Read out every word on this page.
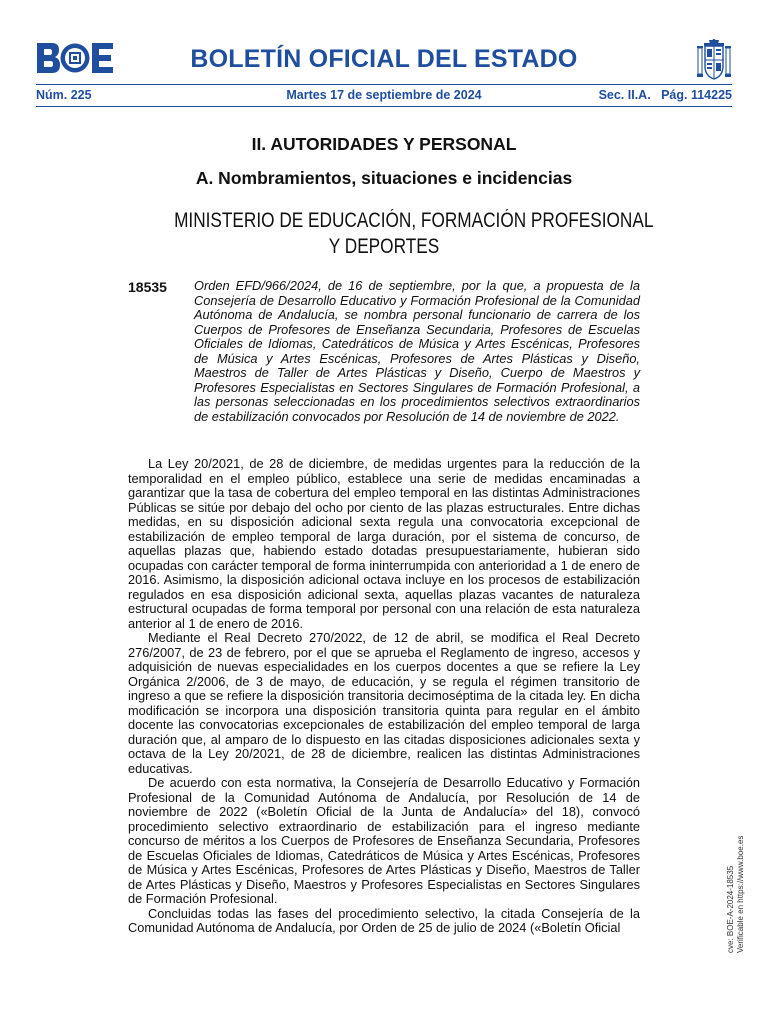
BOLETÍN OFICIAL DEL ESTADO
Núm. 225	Martes 17 de septiembre de 2024	Sec. II.A. Pág. 114225
II. AUTORIDADES Y PERSONAL
A. Nombramientos, situaciones e incidencias
MINISTERIO DE EDUCACIÓN, FORMACIÓN PROFESIONAL
Y DEPORTES
18535 Orden EFD/966/2024, de 16 de septiembre, por la que, a propuesta de la Consejería de Desarrollo Educativo y Formación Profesional de la Comunidad Autónoma de Andalucía, se nombra personal funcionario de carrera de los Cuerpos de Profesores de Enseñanza Secundaria, Profesores de Escuelas Oficiales de Idiomas, Catedráticos de Música y Artes Escénicas, Profesores de Música y Artes Escénicas, Profesores de Artes Plásticas y Diseño, Maestros de Taller de Artes Plásticas y Diseño, Cuerpo de Maestros y Profesores Especialistas en Sectores Singulares de Formación Profesional, a las personas seleccionadas en los procedimientos selectivos extraordinarios de estabilización convocados por Resolución de 14 de noviembre de 2022.

La Ley 20/2021, de 28 de diciembre, de medidas urgentes para la reducción de la temporalidad en el empleo público, establece una serie de medidas encaminadas a garantizar que la tasa de cobertura del empleo temporal en las distintas Administraciones Públicas se sitúe por debajo del ocho por ciento de las plazas estructurales. Entre dichas medidas, en su disposición adicional sexta regula una convocatoria excepcional de estabilización de empleo temporal de larga duración, por el sistema de concurso, de aquellas plazas que, habiendo estado dotadas presupuestariamente, hubieran sido ocupadas con carácter temporal de forma ininterrumpida con anterioridad a 1 de enero de 2016. Asimismo, la disposición adicional octava incluye en los procesos de estabilización regulados en esa disposición adicional sexta, aquellas plazas vacantes de naturaleza estructural ocupadas de forma temporal por personal con una relación de esta naturaleza anterior al 1 de enero de 2016.

Mediante el Real Decreto 270/2022, de 12 de abril, se modifica el Real Decreto 276/2007, de 23 de febrero, por el que se aprueba el Reglamento de ingreso, accesos y adquisición de nuevas especialidades en los cuerpos docentes a que se refiere la Ley Orgánica 2/2006, de 3 de mayo, de educación, y se regula el régimen transitorio de ingreso a que se refiere la disposición transitoria decimoséptima de la citada ley. En dicha modificación se incorpora una disposición transitoria quinta para regular en el ámbito docente las convocatorias excepcionales de estabilización del empleo temporal de larga duración que, al amparo de lo dispuesto en las citadas disposiciones adicionales sexta y octava de la Ley 20/2021, de 28 de diciembre, realicen las distintas Administraciones educativas.

De acuerdo con esta normativa, la Consejería de Desarrollo Educativo y Formación Profesional de la Comunidad Autónoma de Andalucía, por Resolución de 14 de noviembre de 2022 («Boletín Oficial de la Junta de Andalucía» del 18), convocó procedimiento selectivo extraordinario de estabilización para el ingreso mediante concurso de méritos a los Cuerpos de Profesores de Enseñanza Secundaria, Profesores de Escuelas Oficiales de Idiomas, Catedráticos de Música y Artes Escénicas, Profesores de Música y Artes Escénicas, Profesores de Artes Plásticas y Diseño, Maestros de Taller de Artes Plásticas y Diseño, Maestros y Profesores Especialistas en Sectores Singulares de Formación Profesional.

Concluidas todas las fases del procedimiento selectivo, la citada Consejería de la Comunidad Autónoma de Andalucía, por Orden de 25 de julio de 2024 («Boletín Oficial	cve: BOE-A-2024-18535 Verificable en https://www.boe.es
